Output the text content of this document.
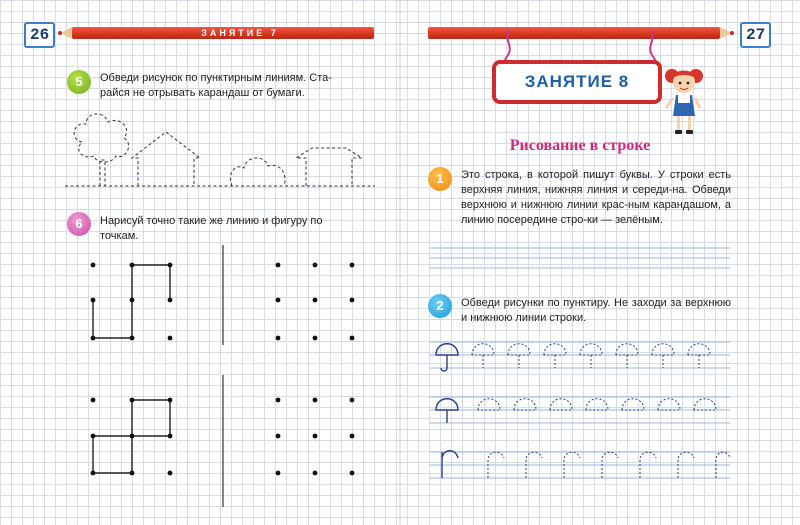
ЗАНЯТИЕ 7
26	27
5	Обведи рисунок по пунктирным линиям. Ста-
райся не отрывать карандаш от бумаги.
6	Нарисуй точно такие же линию и фигуру по
точкам.
ЗАНЯТИЕ 8
Рисование в строке
1	Это строка, в которой пишут буквы. У строки есть верхняя линия, нижняя линия и середи-на. Обведи верхнюю и нижнюю линии крас-ным карандашом, а линию посередине стро-ки — зелёным.
2	Обведи рисунки по пунктиру. Не заходи за верхнюю и нижнюю линии строки.
